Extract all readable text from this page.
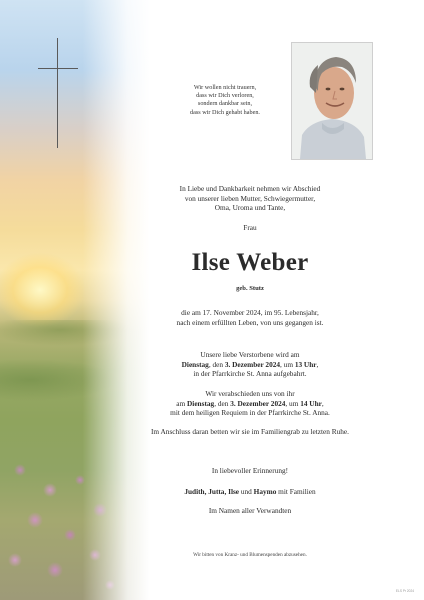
Wir wollen nicht trauern,
dass wir Dich verloren,
sondern dankbar sein,
dass wir Dich gehabt haben.
In Liebe und Dankbarkeit nehmen wir Abschied
von unserer lieben Mutter, Schwiegermutter,
Oma, Uroma und Tante,
Frau
Ilse Weber
geb. Stutz
die am 17. November 2024, im 95. Lebensjahr,
nach einem erfüllten Leben, von uns gegangen ist.
Unsere liebe Verstorbene wird am
Dienstag, den 3. Dezember 2024, um 13 Uhr,
in der Pfarrkirche St. Anna aufgebahrt.
Wir verabschieden uns von ihr
am Dienstag, den 3. Dezember 2024, um 14 Uhr,
mit dem heiligen Requiem in der Pfarrkirche St. Anna.
Im Anschluss daran betten wir sie im Familiengrab zu letzten Ruhe.
In liebevoller Erinnerung!
Judith, Jutta, Ilse und Haymo mit Familien
Im Namen aller Verwandten
Wir bitten von Kranz- und Blumenspenden abzusehen.
ELS Pr 2024
